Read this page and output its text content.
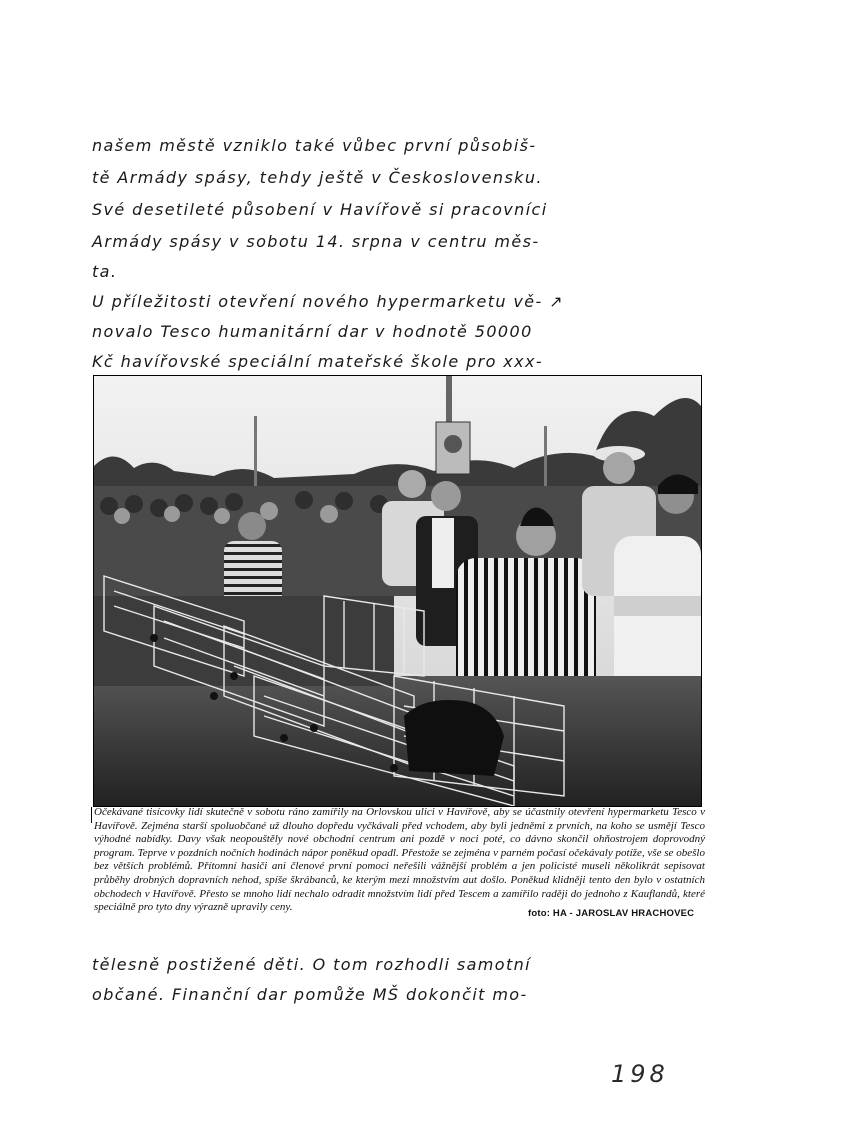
našem městě vzniklo také vůbec první působiš-
tě Armády spásy, tehdy ještě v Československu.
Své desetileté působení v Havířově si pracovníci
Armády spásy v sobotu 14. srpna v centru měs-
ta.
U příležitosti otevření nového hypermarketu vě- ↗
novalo Tesco humanitární dar v hodnotě 50000
Kč havířovské speciální mateřské škole pro xxx-
Očekávané tisícovky lidí skutečně v sobotu ráno zamířily na Orlovskou ulici v Havířově, aby se účastnily otevření hypermarketu Tesco v Havířově. Zejména starší spoluobčané už dlouho dopředu vyčkávali před vchodem, aby byli jedněmi z prvních, na koho se usmějí Tesco výhodné nabídky. Davy však neopouštěly nové obchodní centrum ani pozdě v noci poté, co dávno skončil ohňostrojem doprovodný program. Teprve v pozdních nočních hodinách nápor poněkud opadl. Přestože se zejména v parném počasí očekávaly potíže, vše se obešlo bez větších problémů. Přítomní hasiči ani členové první pomoci neřešili vážnější problém a jen policisté museli několikrát sepisovat průběhy drobných dopravních nehod, spíše škrábanců, ke kterým mezi množstvím aut došlo. Poněkud klidněji tento den bylo v ostatních obchodech v Havířově. Přesto se mnoho lidí nechalo odradit množstvím lidí před Tescem a zamířilo raději do jednoho z Kauflandů, které speciálně pro tyto dny výrazně upravily ceny.
foto: HA - JAROSLAV HRACHOVEC
tělesně postižené děti. O tom rozhodli samotní
občané. Finanční dar pomůže MŠ dokončit mo-
198
